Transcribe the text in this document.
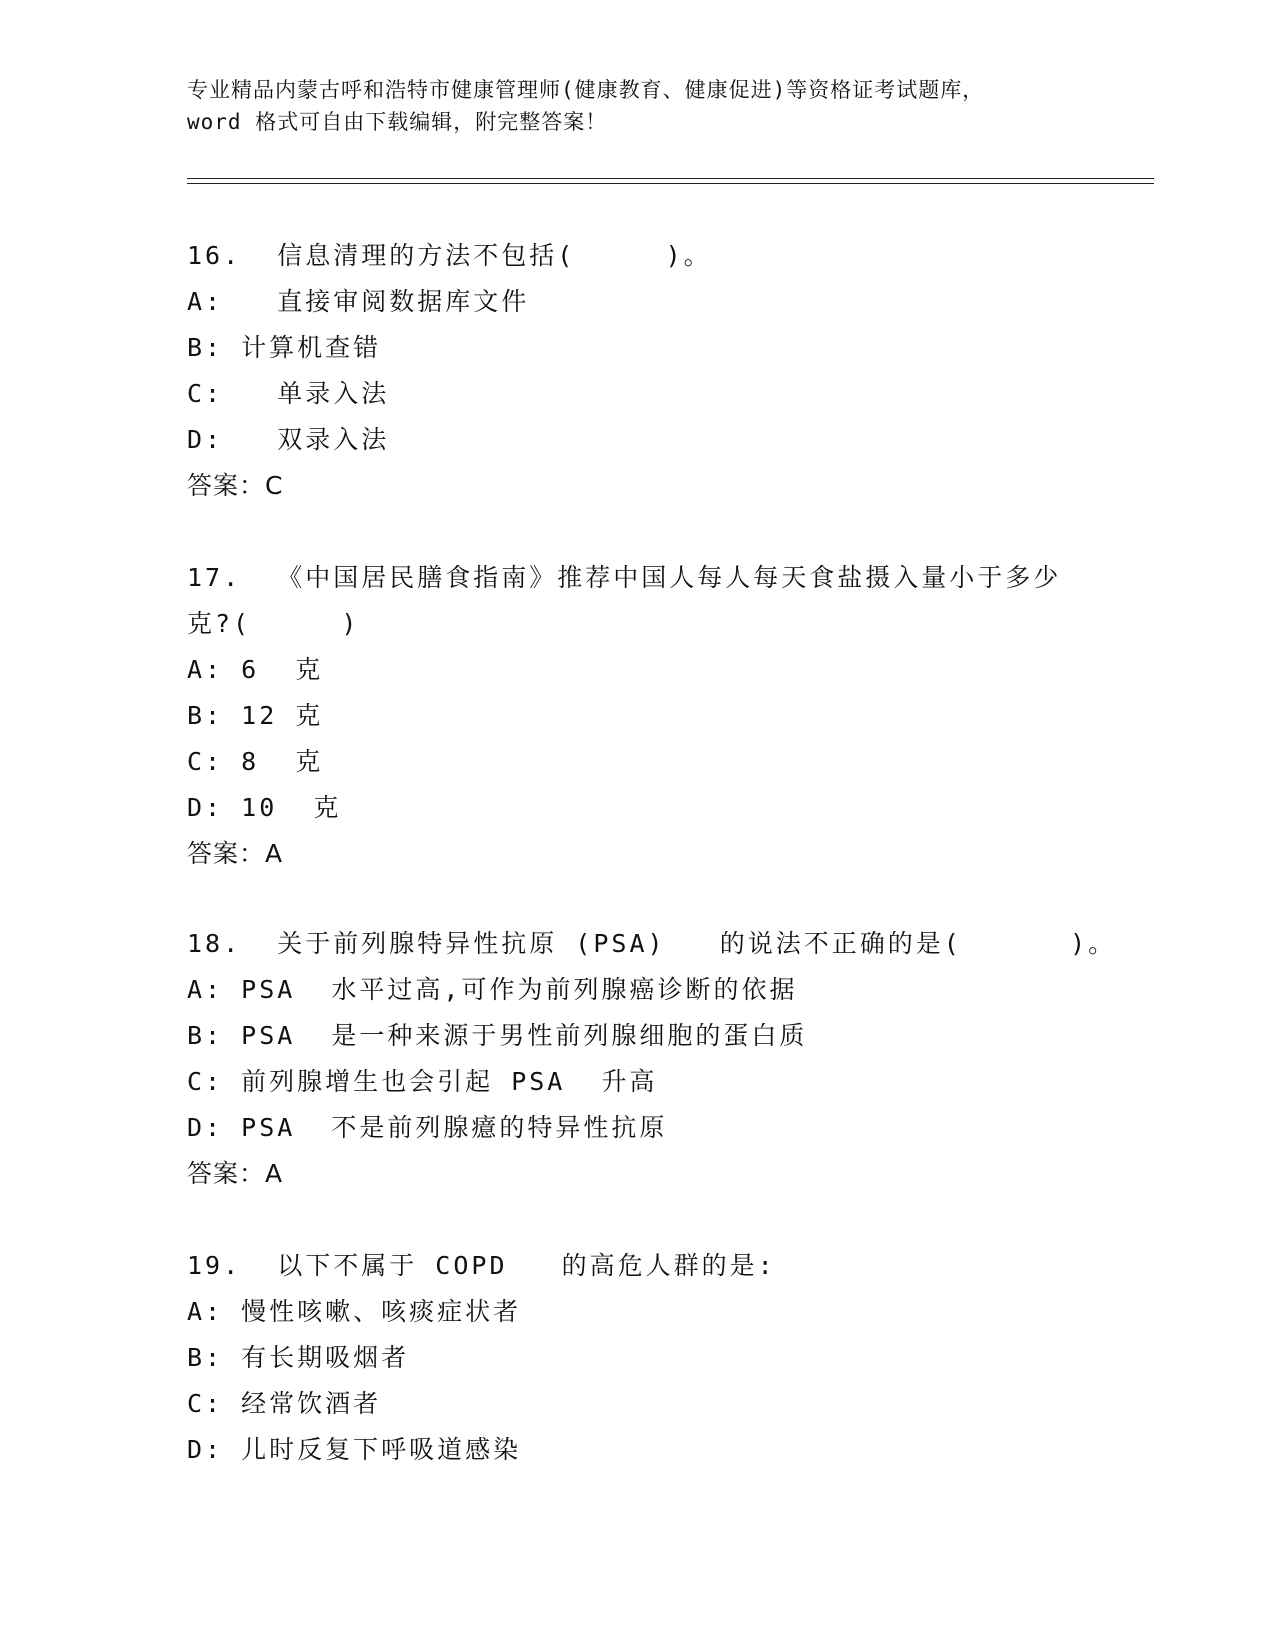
专业精品内蒙古呼和浩特市健康管理师(健康教育、健康促进)等资格证考试题库，
word 格式可自由下载编辑，附完整答案！
16.  信息清理的方法不包括(     )。
A:   直接审阅数据库文件
B: 计算机查错
C:   单录入法
D:   双录入法
答案：C
17.  《中国居民膳食指南》推荐中国人每人每天食盐摄入量小于多少
克?(     )
A: 6  克
B: 12 克
C: 8  克
D: 10  克
答案：A
18.  关于前列腺特异性抗原 (PSA)   的说法不正确的是(      )。
A: PSA  水平过高,可作为前列腺癌诊断的依据
B: PSA  是一种来源于男性前列腺细胞的蛋白质
C: 前列腺增生也会引起 PSA  升高
D: PSA  不是前列腺癔的特异性抗原
答案：A
19.  以下不属于 COPD   的高危人群的是:
A: 慢性咳嗽、咳痰症状者
B: 有长期吸烟者
C: 经常饮酒者
D: 儿时反复下呼吸道感染
